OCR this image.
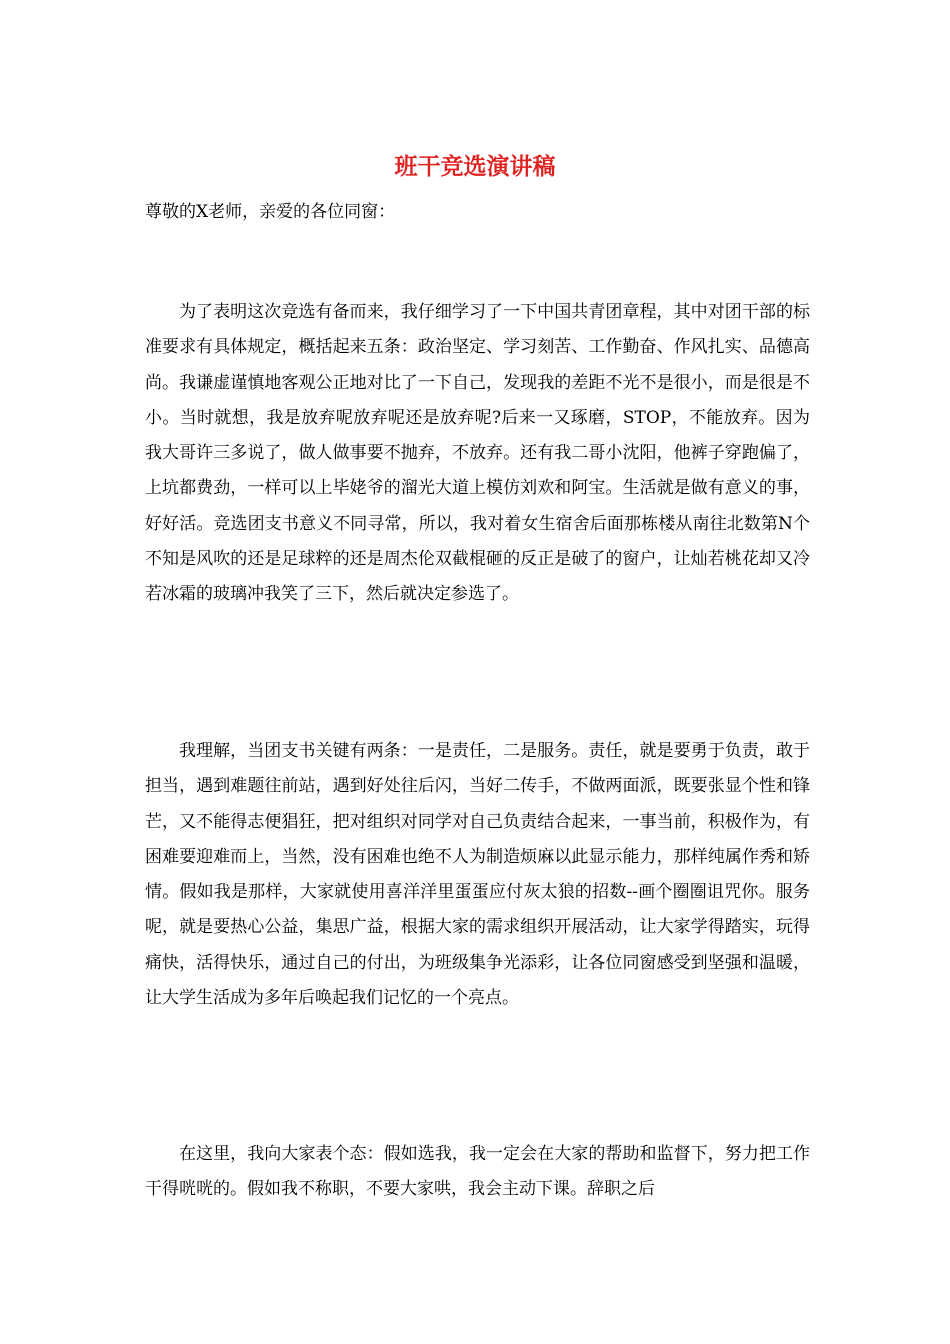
班干竞选演讲稿

尊敬的X老师，亲爱的各位同窗：

为了表明这次竞选有备而来，我仔细学习了一下中国共青团章程，其中对团干部的标准要求有具体规定，概括起来五条：政治坚定、学习刻苦、工作勤奋、作风扎实、品德高尚。我谦虚谨慎地客观公正地对比了一下自己，发现我的差距不光不是很小，而是很是不小。当时就想，我是放弃呢放弃呢还是放弃呢?后来一又琢磨，STOP，不能放弃。因为我大哥许三多说了，做人做事要不抛弃，不放弃。还有我二哥小沈阳，他裤子穿跑偏了，上坑都费劲，一样可以上毕姥爷的溜光大道上模仿刘欢和阿宝。生活就是做有意义的事，好好活。竞选团支书意义不同寻常，所以，我对着女生宿舍后面那栋楼从南往北数第N个不知是风吹的还是足球粹的还是周杰伦双截棍砸的反正是破了的窗户，让灿若桃花却又冷若冰霜的玻璃冲我笑了三下，然后就决定参选了。

我理解，当团支书关键有两条：一是责任，二是服务。责任，就是要勇于负责，敢于担当，遇到难题往前站，遇到好处往后闪，当好二传手，不做两面派，既要张显个性和锋芒，又不能得志便猖狂，把对组织对同学对自己负责结合起来，一事当前，积极作为，有困难要迎难而上，当然，没有困难也绝不人为制造烦麻以此显示能力，那样纯属作秀和矫情。假如我是那样，大家就使用喜洋洋里蛋蛋应付灰太狼的招数--画个圈圈诅咒你。服务呢，就是要热心公益，集思广益，根据大家的需求组织开展活动，让大家学得踏实，玩得痛快，活得快乐，通过自己的付出，为班级集争光添彩，让各位同窗感受到坚强和温暖，让大学生活成为多年后唤起我们记忆的一个亮点。

在这里，我向大家表个态：假如选我，我一定会在大家的帮助和监督下，努力把工作干得咣咣的。假如我不称职，不要大家哄，我会主动下课。辞职之后
